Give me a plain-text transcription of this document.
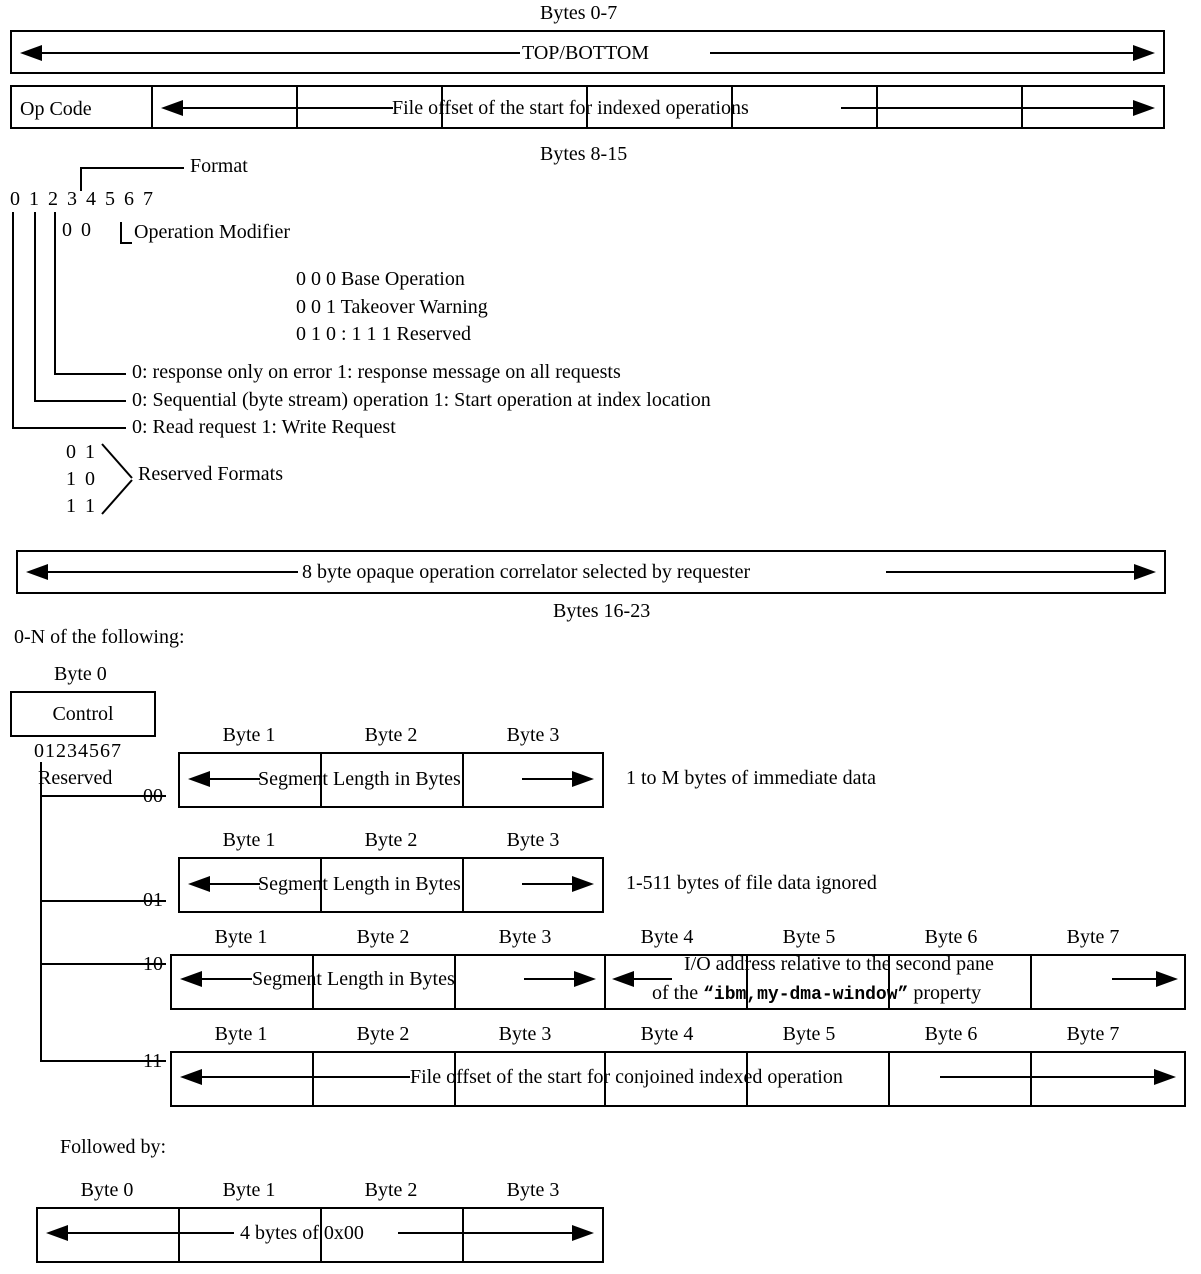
Bytes 0-7
TOP/BOTTOM
Op Code	File offset of the start for indexed operations
Bytes 8-15
Format
0 1 2 3 4 5 6 7
0 0 Operation Modifier
0 0 0 Base Operation
0 0 1 Takeover Warning
0 1 0 : 1 1 1 Reserved
0: response only on error 1: response message on all requests
0: Sequential (byte stream) operation 1: Start operation at index location
0: Read request 1: Write Request
0 1
1 0
1 1
Reserved Formats
8 byte opaque operation correlator selected by requester
Bytes 16-23
0-N of the following:
Byte 0
Control
01234567
Reserved
00
Byte 1	Byte 2	Byte 3
Segment Length in Bytes	1 to M bytes of immediate data
01
Byte 1	Byte 2	Byte 3
Segment Length in Bytes	1-511 bytes of file data ignored
10
Byte 1	Byte 2	Byte 3	Byte 4	Byte 5	Byte 6	Byte 7
Segment Length in Bytes
I/O address relative to the second pane
of the “ibm,my-dma-window” property
11
Byte 1	Byte 2	Byte 3	Byte 4	Byte 5	Byte 6	Byte 7
File offset of the start for conjoined indexed operation
Followed by:
Byte 0	Byte 1	Byte 2	Byte 3
4 bytes of 0x00
